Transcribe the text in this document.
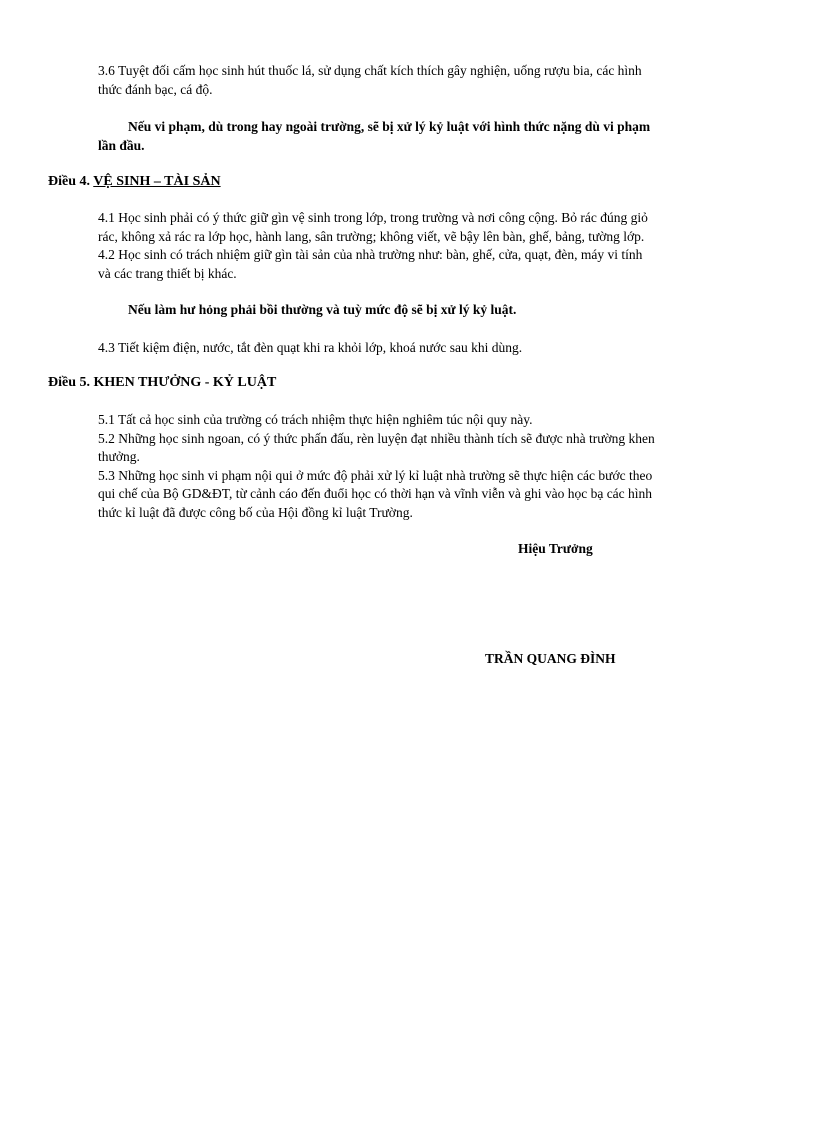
3.6 Tuyệt đối cấm học sinh hút thuốc lá, sử dụng chất kích thích gây nghiện, uống rượu bia, các hình
thức đánh bạc, cá độ.

Nếu vi phạm, dù trong hay ngoài trường, sẽ bị xử lý kỷ luật với hình thức nặng dù vi phạm
lần đầu.

Điều 4. VỆ SINH – TÀI SẢN

4.1 Học sinh phải có ý thức giữ gìn vệ sinh trong lớp, trong trường và nơi công cộng. Bỏ rác đúng giỏ
rác, không xả rác ra lớp học, hành lang, sân trường; không viết, vẽ bậy lên bàn, ghế, bảng, tường lớp.
4.2 Học sinh có trách nhiệm giữ gìn tài sản của nhà trường như: bàn, ghế, cửa, quạt, đèn, máy vi tính
và các trang thiết bị khác.

Nếu làm hư hỏng phải bồi thường và tuỳ mức độ sẽ bị xử lý kỷ luật.

4.3 Tiết kiệm điện, nước, tắt đèn quạt khi ra khỏi lớp, khoá nước sau khi dùng.

Điều 5. KHEN THƯỞNG - KỶ LUẬT

5.1 Tất cả học sinh của trường có trách nhiệm thực hiện nghiêm túc nội quy này.
5.2 Những học sinh ngoan, có ý thức phấn đấu, rèn luyện đạt nhiều thành tích sẽ được nhà trường khen
thưởng.
5.3 Những học sinh vi phạm nội qui ở mức độ phải xử lý kỉ luật nhà trường sẽ thực hiện các bước theo
qui chế của Bộ GD&ĐT, từ cảnh cáo đến đuổi học có thời hạn và vĩnh viễn và ghi vào học bạ các hình
thức kỉ luật đã được công bố của Hội đồng kỉ luật Trường.

Hiệu Trưởng

TRẦN QUANG ĐÌNH
